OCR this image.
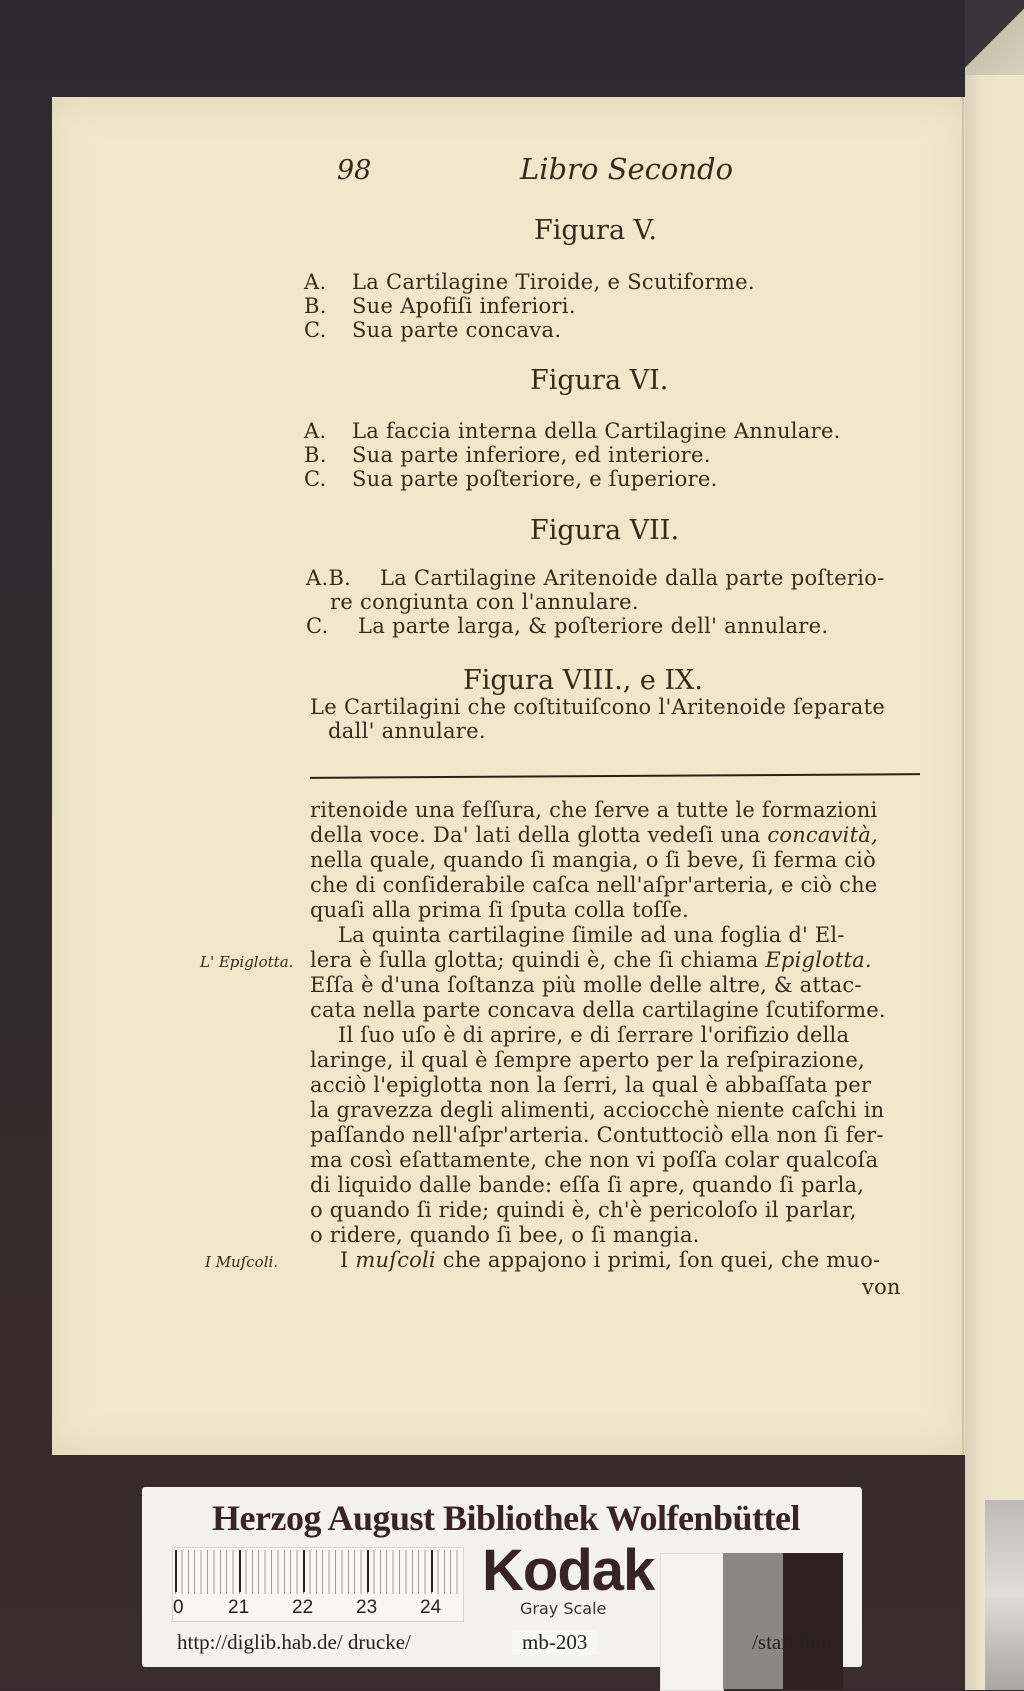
98	Libro Secondo
Figura V.
A. La Cartilagine Tiroide, e Scutiforme.
B. Sue Apofiſi inferiori.
C. Sua parte concava.
Figura VI.
A. La faccia interna della Cartilagine Annulare.
B. Sua parte inferiore, ed interiore.
C. Sua parte poſteriore, e ſuperiore.
Figura VII.
A.B. La Cartilagine Aritenoide dalla parte poſterio-
re congiunta con l'annulare.
C. La parte larga, & poſteriore dell' annulare.
Figura VIII., e IX.
Le Cartilagini che coſtituiſcono l'Aritenoide ſeparate
dall' annulare.
ritenoide una feſſura, che ſerve a tutte le formazioni
della voce. Da' lati della glotta vedeſi una concavità,
nella quale, quando ſi mangia, o ſi beve, ſi ferma ciò
che di conſiderabile caſca nell'aſpr'arteria, e ciò che
quaſi alla prima ſi ſputa colla toſſe.
La quinta cartilagine ſimile ad una foglia d' El-
L' Epiglotta. lera è ſulla glotta; quindi è, che ſi chiama Epiglotta.
Eſſa è d'una ſoſtanza più molle delle altre, & attac-
cata nella parte concava della cartilagine ſcutiforme.
Il ſuo uſo è di aprire, e di ſerrare l'orifizio della
laringe, il qual è ſempre aperto per la reſpirazione,
acciò l'epiglotta non la ſerri, la qual è abbaſſata per
la gravezza degli alimenti, acciocchè niente caſchi in
paſſando nell'aſpr'arteria. Contuttociò ella non ſi fer-
ma così eſattamente, che non vi poſſa colar qualcoſa
di liquido dalle bande: eſſa ſi apre, quando ſi parla,
o quando ſi ride; quindi è, ch'è pericoloſo il parlar,
o ridere, quando ſi bee, o ſi mangia.
I Muſcoli.	I muſcoli che appajono i primi, ſon quei, che muo-
von
Herzog August Bibliothek Wolfenbüttel
0 21 22 23 24
Kodak
Gray Scale
http://diglib.hab.de/ drucke/	mb-203	/start.htm
